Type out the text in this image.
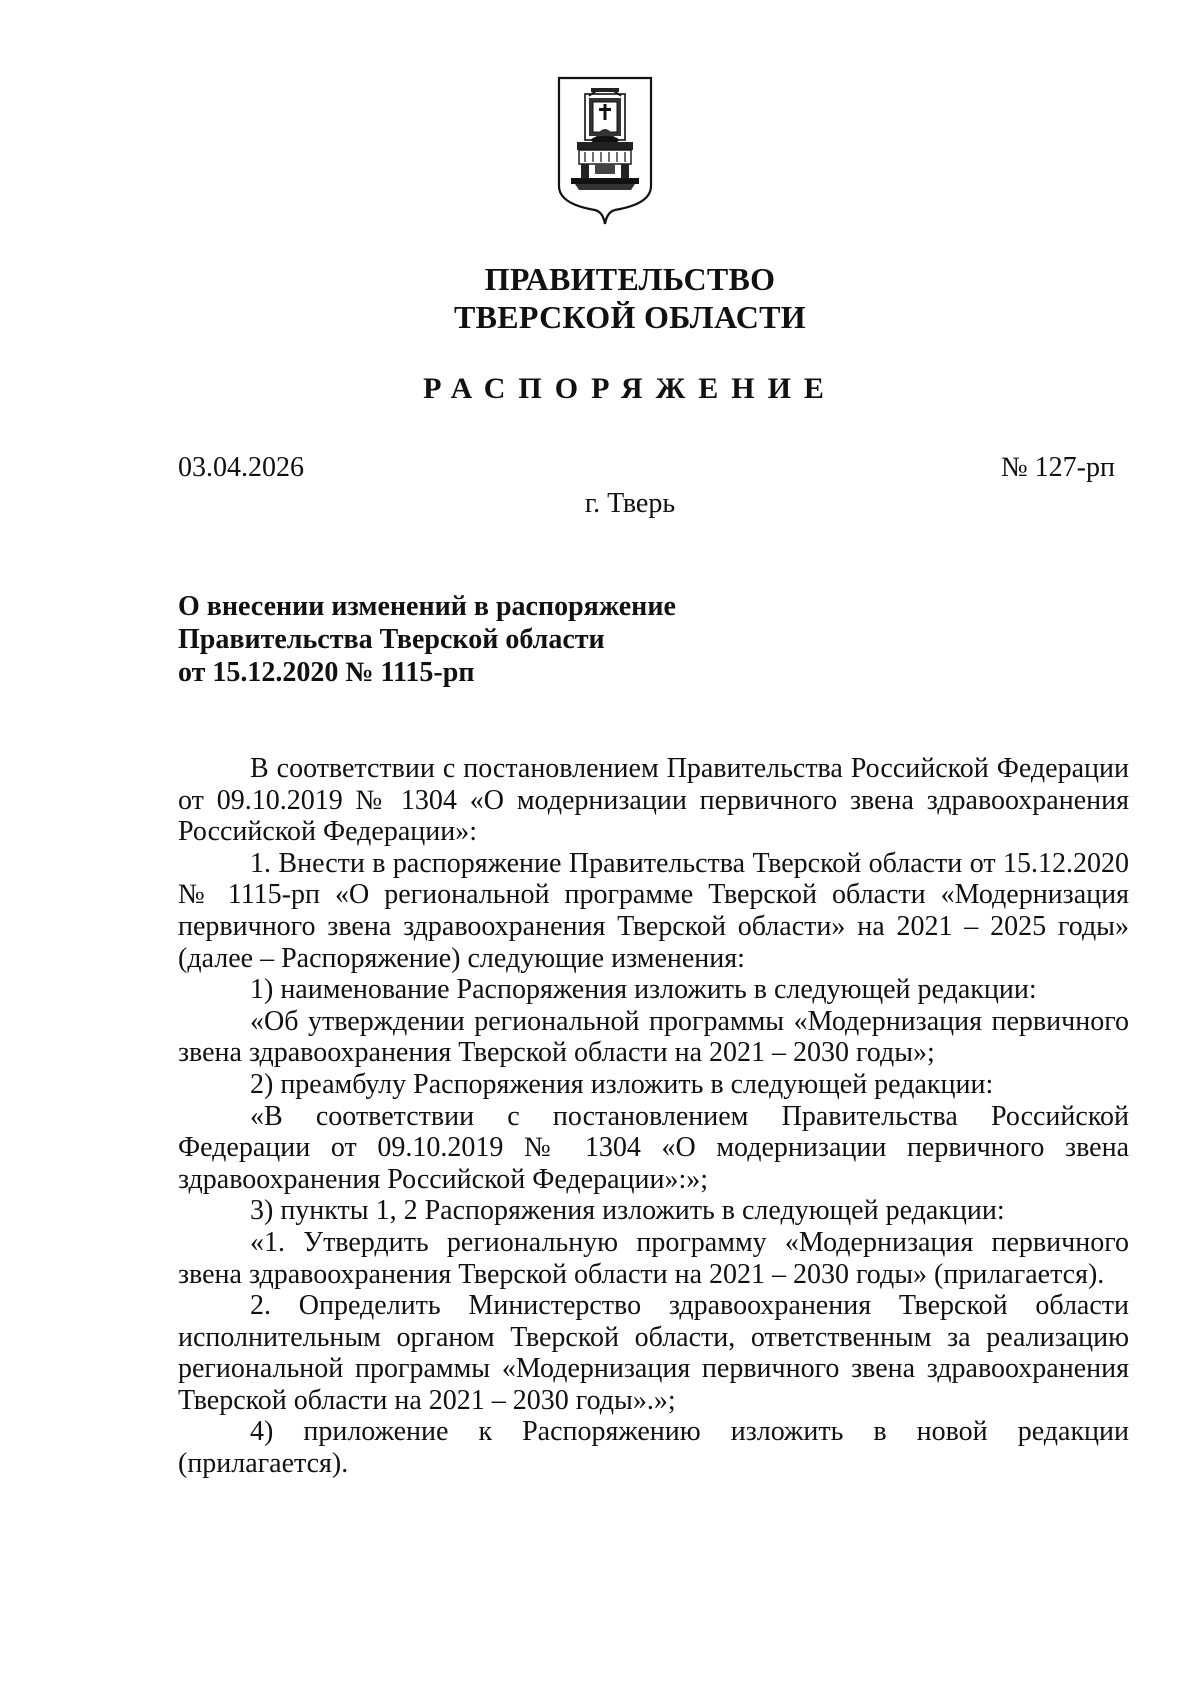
ПРАВИТЕЛЬСТВО
ТВЕРСКОЙ ОБЛАСТИ
РАСПОРЯЖЕНИЕ
03.04.2026	№ 127-рп
г. Тверь
О внесении изменений в распоряжение
Правительства Тверской области
от 15.12.2020 № 1115-рп

В соответствии с постановлением Правительства Российской Федерации от 09.10.2019 № 1304 «О модернизации первичного звена здравоохранения Российской Федерации»:

1. Внести в распоряжение Правительства Тверской области от 15.12.2020 № 1115-рп «О региональной программе Тверской области «Модернизация первичного звена здравоохранения Тверской области» на 2021 – 2025 годы» (далее – Распоряжение) следующие изменения:

1) наименование Распоряжения изложить в следующей редакции:

«Об утверждении региональной программы «Модернизация первичного звена здравоохранения Тверской области на 2021 – 2030 годы»;

2) преамбулу Распоряжения изложить в следующей редакции:

«В соответствии с постановлением Правительства Российской Федерации от 09.10.2019 № 1304 «О модернизации первичного звена здравоохранения Российской Федерации»:»;

3) пункты 1, 2 Распоряжения изложить в следующей редакции:

«1. Утвердить региональную программу «Модернизация первичного звена здравоохранения Тверской области на 2021 – 2030 годы» (прилагается).

2. Определить Министерство здравоохранения Тверской области исполнительным органом Тверской области, ответственным за реализацию региональной программы «Модернизация первичного звена здравоохранения Тверской области на 2021 – 2030 годы».»;

4) приложение к Распоряжению изложить в новой редакции (прилагается).
